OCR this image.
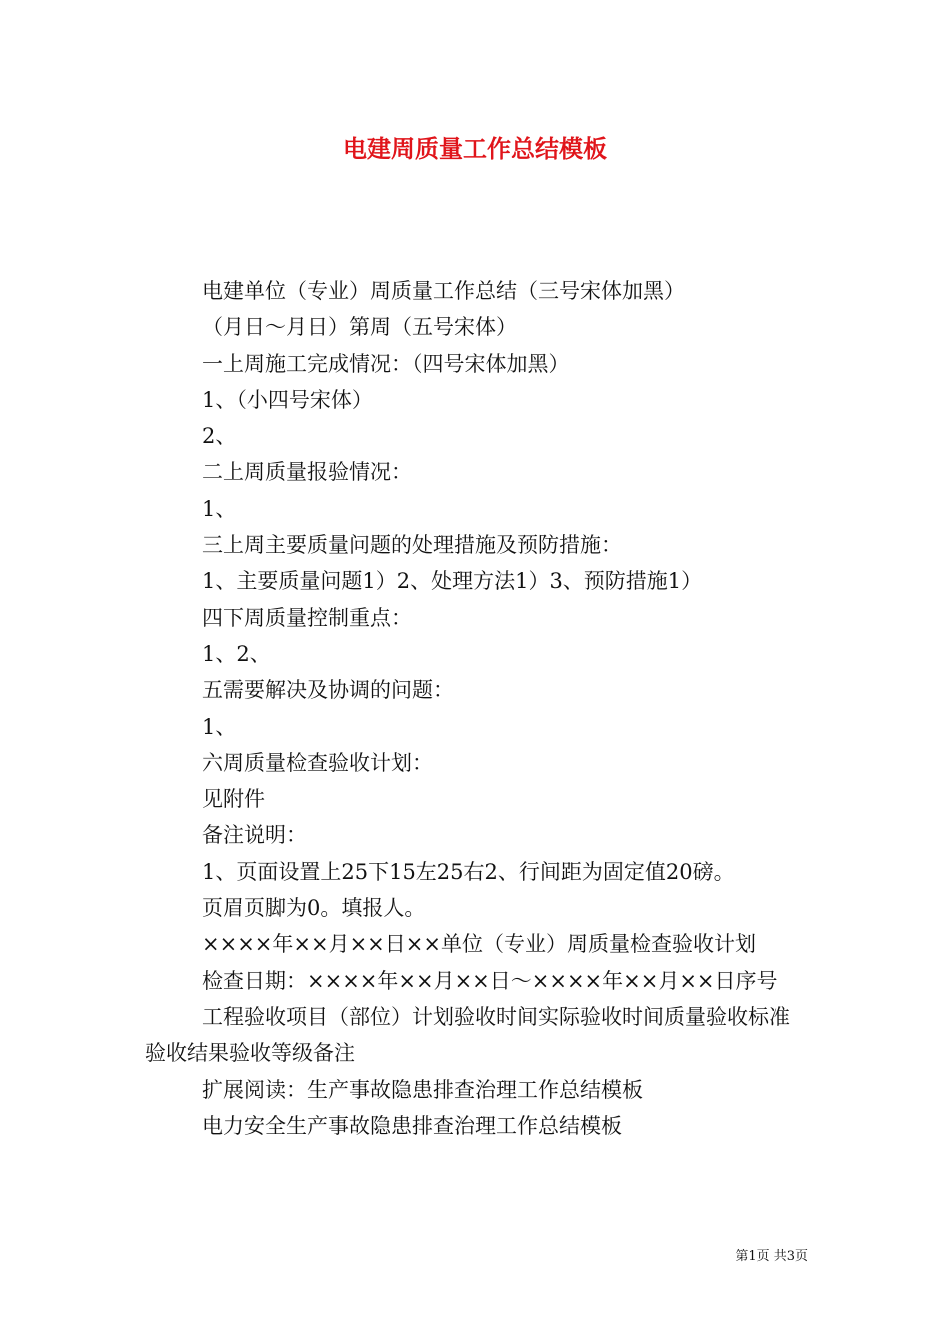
电建周质量工作总结模板

电建单位（专业）周质量工作总结（三号宋体加黑）

（月日～月日）第周（五号宋体）

一上周施工完成情况：（四号宋体加黑）

1、（小四号宋体）

2、

二上周质量报验情况：

1、

三上周主要质量问题的处理措施及预防措施：

1、主要质量问题1）2、处理方法1）3、预防措施1）

四下周质量控制重点：

1、2、

五需要解决及协调的问题：

1、

六周质量检查验收计划：

见附件

备注说明：

1、页面设置上25下15左25右2、行间距为固定值20磅。

页眉页脚为0。填报人。

××××年××月××日××单位（专业）周质量检查验收计划

检查日期：××××年××月××日～××××年××月××日序号

工程验收项目（部位）计划验收时间实际验收时间质量验收标准验收结果验收等级备注

扩展阅读：生产事故隐患排查治理工作总结模板

电力安全生产事故隐患排查治理工作总结模板

第1页 共3页
